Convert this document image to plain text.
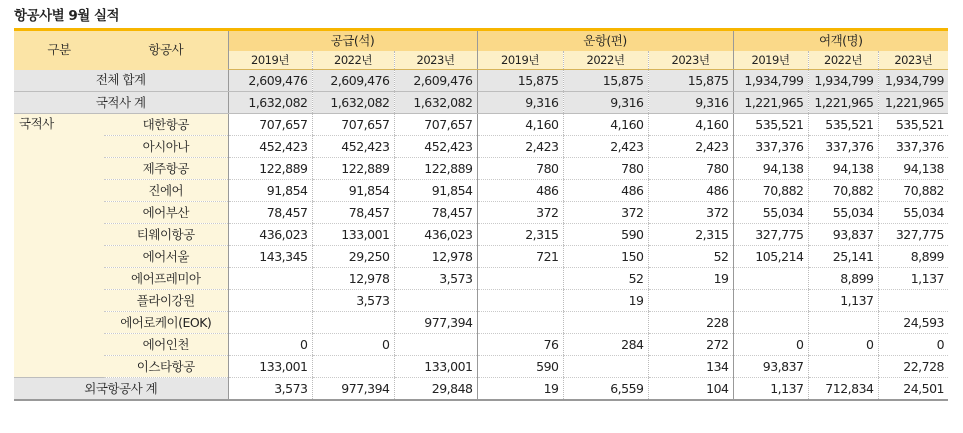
항공사별 9월 실적
구분	항공사	공급(석)			운항(편)			여객(명)		
		2019년	2022년	2023년	2019년	2022년	2023년	2019년	2022년	2023년
전체 합계		2,609,476	2,609,476	2,609,476	15,875	15,875	15,875	1,934,799	1,934,799	1,934,799
국적사 계		1,632,082	1,632,082	1,632,082	9,316	9,316	9,316	1,221,965	1,221,965	1,221,965
국적사	대한항공	707,657	707,657	707,657	4,160	4,160	4,160	535,521	535,521	535,521
	아시아나	452,423	452,423	452,423	2,423	2,423	2,423	337,376	337,376	337,376
	제주항공	122,889	122,889	122,889	780	780	780	94,138	94,138	94,138
	진에어	91,854	91,854	91,854	486	486	486	70,882	70,882	70,882
	에어부산	78,457	78,457	78,457	372	372	372	55,034	55,034	55,034
	티웨이항공	436,023	133,001	436,023	2,315	590	2,315	327,775	93,837	327,775
	에어서울	143,345	29,250	12,978	721	150	52	105,214	25,141	8,899
	에어프레미아		12,978	3,573		52	19		8,899	1,137
	플라이강원		3,573			19			1,137	
	에어로케이(EOK)			977,394			228			24,593
	에어인천	0	0		76	284	272	0	0	0
	이스타항공	133,001		133,001	590		134	93,837		22,728
외국항공사 계		3,573	977,394	29,848	19	6,559	104	1,137	712,834	24,501
